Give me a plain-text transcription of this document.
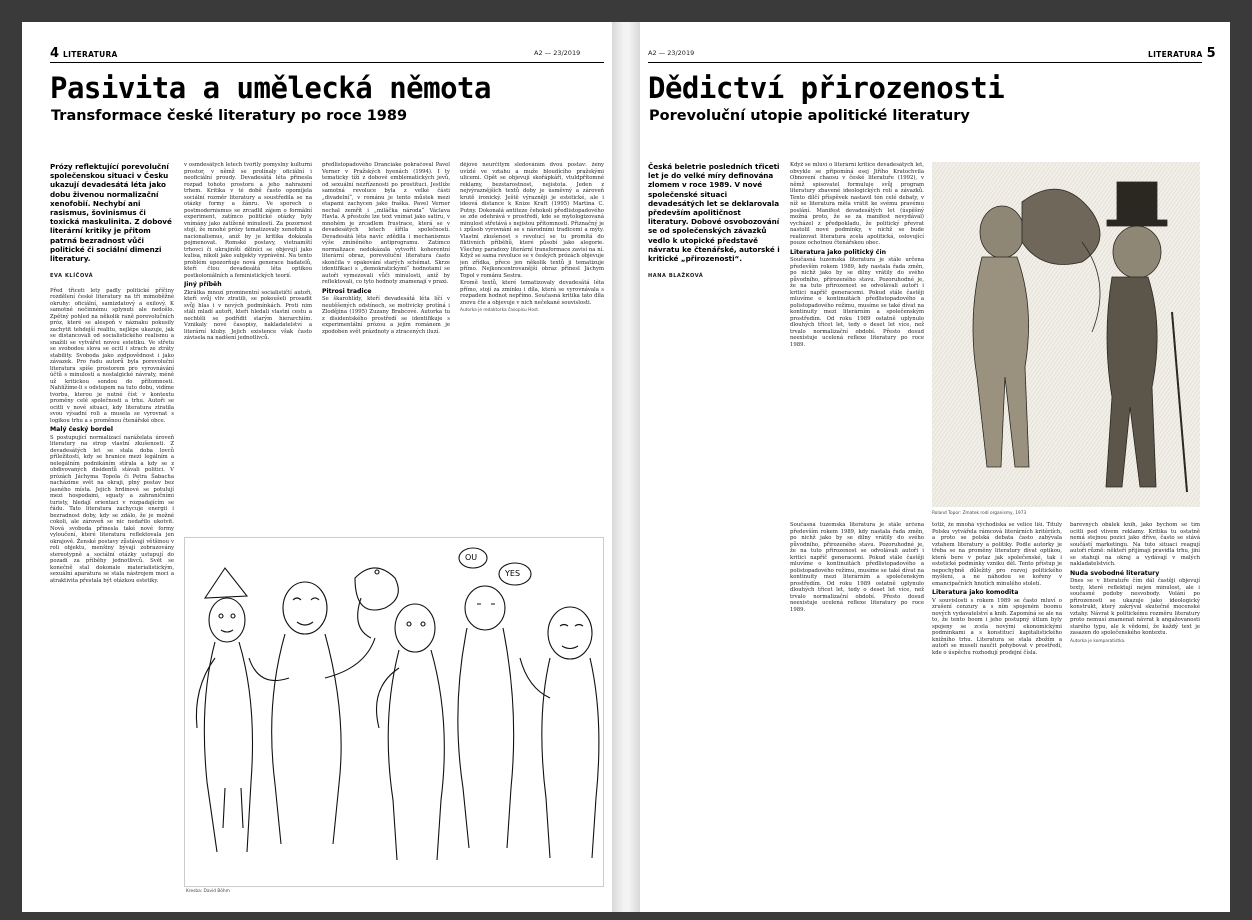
4 LITERATURA	A2 — 23/2019
Pasivita a umělecká němota
Transformace české literatury po roce 1989

Prózy reflektující porevoluční společenskou situaci v Česku ukazují devadesátá léta jako dobu živenou normalizační xenofobií. Nechybí ani rasismus, šovinismus či toxická maskulinita. Z dobové literární kritiky je přitom patrná bezradnost vůči politické či sociální dimenzi literatury.

EVA KLÍČOVÁ

Před třiceti lety padly politické příčiny rozdělení české literatury na tři mimoběžné okruhy: oficiální, samizdatový a exilový. K samotné nečinnému splynutí ale nedošlo. Zpětný pohled na několik raně porevolučních próz, které se alespoň v náznaku pokusily zachytit tehdejší realitu, nejlépe ukazuje, jak se distancovali od socialistického realismu a snažili se vytvářet novou estetiku. Ve střetu se svobodou slova se ocitl i strach ze ztráty stability. Svoboda jako zodpovědnost i jako závazek. Pro řadu autorů byla porevoluční literatura spíše prostorem pro vyrovnávání účtů s minulostí a nostalgické návraty, méně už kritickou sondou do přítomnosti. Nahlížíme-li s odstupem na tuto dobu, vidíme tvorbu, kterou je nutné číst v kontextu proměny celé společnosti a trhu. Autoři se ocitli v nové situaci, kdy literatura ztratila svou výsadní roli a musela se vyrovnat s logikou trhu a s proměnou čtenářské obce.

Malý český bordel

S postupující normalizací naráželata úroveň literatury na strop vlastní zkušenosti. Z devadesátých let se stala doba lovců příležitostí, kdy se hranice mezi legálním a nelegálním podnikáním stírala a kdy se z obdivovaných disidentů stávali politici. V prózách Jáchyma Topola či Petra Šabacha nacházíme svět na okraji, plný postav bez jasného místa. Jejich hrdinové se potulují mezi hospodami, squaty a zahraničními turisty, hledají orientaci v rozpadajícím se řádu. Tato literatura zachycuje energii i bezradnost doby, kdy se zdálo, že je možné cokoli, ale zároveň se nic nedařilo ukotvit. Nová svoboda přinesla také nové formy vyloučení, které literatura reflektovala jen okrajově. Ženské postavy zůstávají většinou v roli objektu, menšiny bývají zobrazovány stereotypně a sociální otázky ustupují do pozadí za příběhy jednotlivců. Svět se konečně stal dokonale materialistickým, sexuální aparatura se stala nástrojem moci a atraktivita přestala být otázkou estetiky.

v osmdesátých letech tvořily pomyslný kulturní prostor, v němž se prolínaly oficiální i neoficiální proudy. Devadesátá léta přinesla rozpad tohoto prostoru a jeho nahrazení trhem. Kritika v té době často opomíjela sociální rozměr literatury a soustředila se na otázky formy a žánru. Ve sporech o postmodernismus se zrcadlil zájem o formální experiment, zatímco politické otázky byly vnímány jako zatížené minulostí. Za pozornost stojí, že mnohé prózy tematizovaly xenofobii a nacionalismus, aniž by je kritika dokázala pojmenovat. Romské postavy, vietnamští trhovci či ukrajinští dělníci se objevují jako kulisa, nikoli jako subjekty vyprávění. Na tento problém upozorňuje nová generace badatelů, kteří čtou devadesátá léta optikou postkoloniálních a feministických teorií.

Jiný příběh

Zkrátka mnozí prominentní socialističtí autoři, kteří svůj vliv ztratili, se pokoušeli prosadit svůj hlas i v nových podmínkách. Proti nim stáli mladí autoři, kteří hledali vlastní cestu a nechtěli se podřídit starým hierarchiím. Vznikaly nové časopisy, nakladatelství a literární kluby. Jejich existence však často závisela na nadšení jednotlivců.

předlistopadového Dranciáke pokračoval Pavel Verner v Pražských hyenách (1994). I ty tematicky tíží z dobové emblematických jevů, od sexuální nezřízenosti po prostituci. Jestliže samotná revoluce byla z velké části „divadelní“, v románu je tento můstek mezi etapami zachycen jako fraška. Pavel Verner nechal zemřít i „miláčka národa“ Václava Havla. A přestože lze text vnímat jako satiru, v mnohém je zrcadlem frustrace, která se v devadesátých letech šířila společností. Devadesátá léta navíc zdědila i mechanismus výše zmíněného antiprogramu. Zatímco normalizace nedokázala vytvořit koherentní literární obraz, porevoluční literatura často skončila v opakování starých schémat. Skrze identifikaci s „demokratickými“ hodnotami se autoři vymezovali vůči minulosti, aniž by reflektovali, co tyto hodnoty znamenají v praxi.

Pitrosi tradice

Se škarohlídy, kteří devadesátá léta líčí v neutěšených odstínech, se motivicky protíná i Zlodějina (1995) Zuzany Brabcové. Autorka tu z disidentského prostředí se identifikuje s experimentální prózou a jejím románem je zpodoben svět prázdnoty a ztracených iluzí.

dějové neurčitým sledováním dvou postav: ženy uvízlé ve vztahu a muže bloudícího pražskými ulicemi. Opět se objevují skořápkáři, vtuldpřítomné reklamy, bezstarostnost, nejistota. Jeden z nejvýraznějších textů doby je úsměvný a zároveň krutě ironický. Ještě výrazněji je estetické, ale i ideová distance k Knize Kraft (1995) Martina C. Putny. Dokonalá antiteze čehokoli předlistopadového se zde odehrává v prostředí, kde se mytologizovaná minulost střetává s nejistou přítomností. Přiznačný je i způsob vyrovnání se s národními tradicemi a mýty. Vlastní zkušenost s revolucí se tu promítá do fiktivních příběhů, které působí jako alegorie. Všechny paradoxy literární transformace zavisí na ní. Když se sama revoluce se v českých prózách objevuje jen zřídka, přece jen několik textů ji tematizuje přímo. Nejkoncentrovanější obraz přinesl Jáchym Topol v románu Sestra.

Kromě textů, které tematizovaly devadesátá léta přímo, stojí za zmínku i díla, která se vyrovnávala s rozpadem hodnot nepřímo. Současná kritika tato díla znovu čte a objevuje v nich nečekané souvislosti.

Autorka je redaktorka časopisu Host.
OU
YES
Kresba: David Böhm
A2 — 23/2019	LITERATURA 5
Dědictví přirozenosti
Porevoluční utopie apolitické literatury

Česká beletrie posledních třiceti let je do velké míry definována zlomem v roce 1989. V nové společenské situaci devadesátých let se deklarovala především apolitičnost literatury. Dobové osvobozování se od společenských závazků vedlo k utopické představě návratu ke čtenářské, autorské i kritické „přirozenosti“.

HANA BLAŽKOVÁ

Když se mluví o literární kritice devadesátých let, obvykle se připomíná esej Jiřího Kratochvila Obnovení chaosu v české literatuře (1992), v němž spisovatel formuluje svůj program literatury zbavené ideologických rolí a závazků. Tento dílčí příspěvek nastavil tón celé debaty, v níž se literatura měla vrátit ke svému pravému poslání. Manifest devadesátých let (úspěšný možná proto, že se za manifest nevydával) vycházel z předpokladu, že politický převrat nastolil nové podmínky, v nichž se bude realizovat literatura zcela apolitická, oslovující pouze ochotnou čtenářskou obec.

Literatura jako politický čin

Současná tuzemská literatura je stále určena především rokem 1989, kdy nastala řada změn, po nichž jako by se dílny vrátily do svého původního, přirozeného stavu. Pozoruhodné je, že na tuto přirozenost se odvolávali autoři i kritici napříč generacemi. Pokud stále častěji mluvíme o kontinuitách předlistopadového a polistopadového režimu, musíme se také dívat na kontinuity mezi literárním a společenským prostředím. Od roku 1989 ostatně uplynulo dlouhých třicet let, tedy o deset let více, než trvalo normalizační období. Přesto dosud neexistuje ucelená reflexe literatury po roce 1989.

Roland Topor: Zmatek rodí organismy, 1973

Současná tuzemská literatura je stále určena především rokem 1989, kdy nastala řada změn, po nichž jako by se dílny vrátily do svého původního, přirozeného stavu. Pozoruhodné je, že na tuto přirozenost se odvolávali autoři i kritici napříč generacemi. Pokud stále častěji mluvíme o kontinuitách předlistopadového a polistopadového režimu, musíme se také dívat na kontinuity mezi literárním a společenským prostředím. Od roku 1989 ostatně uplynulo dlouhých třicet let, tedy o deset let více, než trvalo normalizační období. Přesto dosud neexistuje ucelená reflexe literatury po roce 1989.

totiž, že mnohá východiska se velice liší. Tituly Polsku vytvářela rámcová literárních kritériích, a proto se polská debata často zabývala vztahem literatury a politiky. Podle autorky je třeba se na proměny literatury dívat optikou, která bere v potaz jak společenské, tak i estetické podmínky vzniku děl. Tento přístup je nepochybně důležitý pro rozvoj politického myšlení, a ne náhodou se kořeny v emancipačních hnutích minulého století.

Literatura jako komodita

V souvislosti s rokem 1989 se často mluví o zrušení cenzury a s ním spojeném boomu nových vydavatelství a knih. Zapomíná se ale na to, že tento boom i jeho postupný útlum byly spojeny se zcela novými ekonomickými podmínkami a s konstitucí kapitalistického knižního trhu. Literatura se stala zbožím a autoři se museli naučit pohybovat v prostředí, kde o úspěchu rozhodují prodejní čísla.

barevných obálek knih, jako bychom se tím ocitli pod vlivem reklamy. Kritika tu ostatně nemá stejnou pozici jako dříve, často se stává součástí marketingu. Na tuto situaci reagují autoři různě: někteří přijímají pravidla trhu, jiní se stahují na okraj a vydávají v malých nakladatelstvích.

Nuda svobodné literatury

Dnes se v literatuře čím dál častěji objevují texty, které reflektují nejen minulost, ale i současné podoby nesvobody. Volání po přirozenosti se ukazuje jako ideologický konstrukt, který zakrýval skutečné mocenské vztahy. Návrat k politickému rozměru literatury proto nemusí znamenat návrat k angažovanosti starého typu, ale k vědomí, že každý text je zasazen do společenského kontextu.

Autorka je komparatistka.
